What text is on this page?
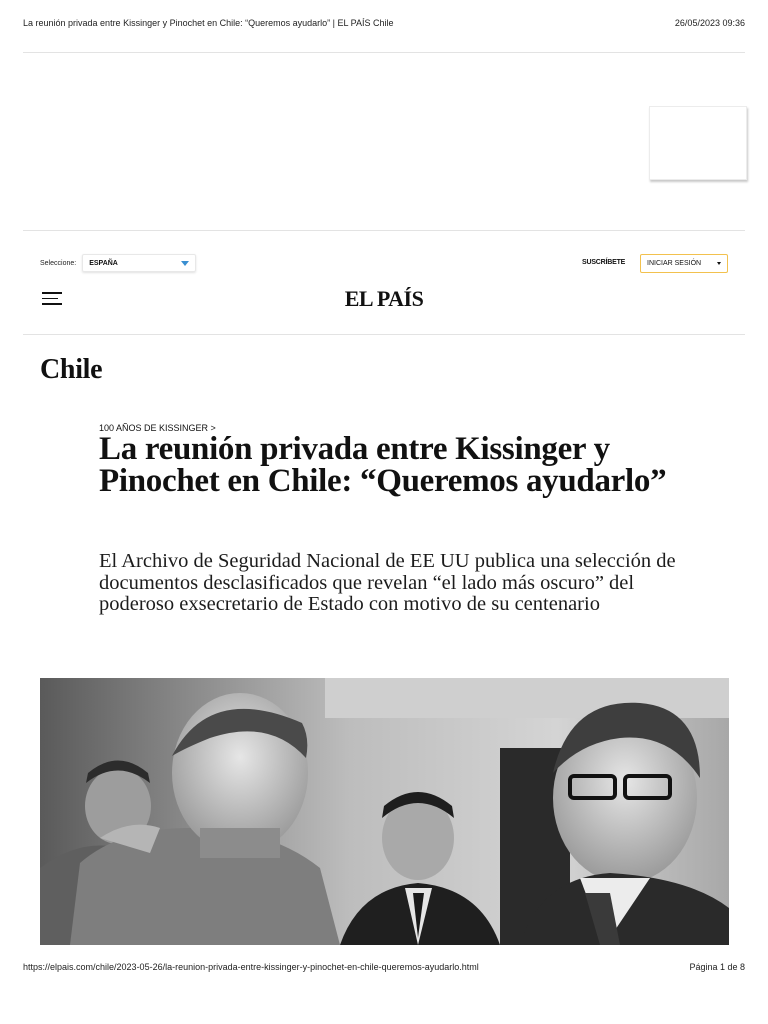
La reunión privada entre Kissinger y Pinochet en Chile: “Queremos ayudarlo” | EL PAÍS Chile	26/05/2023 09:36
Seleccione: ESPAÑA	SUSCRÍBETE	INICIAR SESIÓN
EL PAÍS
Chile
100 AÑOS DE KISSINGER >
La reunión privada entre Kissinger y Pinochet en Chile: “Queremos ayudarlo”

El Archivo de Seguridad Nacional de EE UU publica una selección de documentos desclasificados que revelan “el lado más oscuro” del poderoso exsecretario de Estado con motivo de su centenario

https://elpais.com/chile/2023-05-26/la-reunion-privada-entre-kissinger-y-pinochet-en-chile-queremos-ayudarlo.html	Página 1 de 8
